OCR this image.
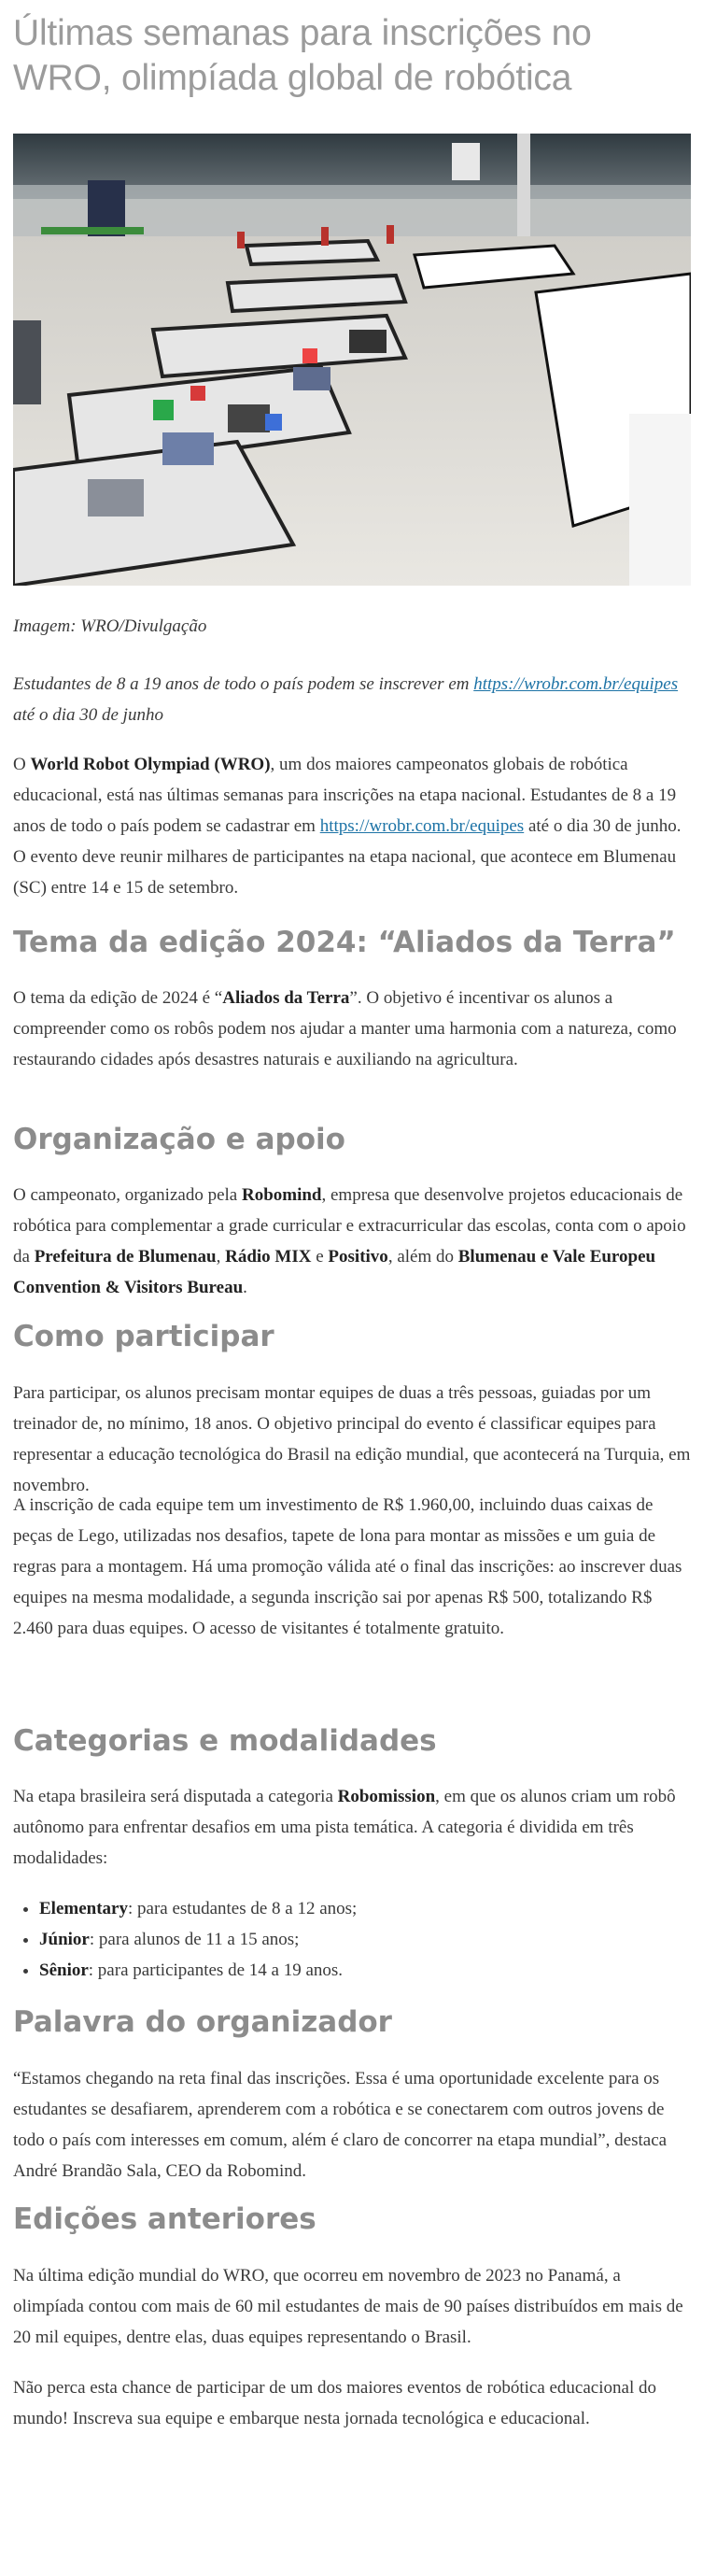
Últimas semanas para inscrições no WRO, olimpíada global de robótica

Imagem: WRO/Divulgação

Estudantes de 8 a 19 anos de todo o país podem se inscrever em https://wrobr.com.br/equipes até o dia 30 de junho

O World Robot Olympiad (WRO), um dos maiores campeonatos globais de robótica educacional, está nas últimas semanas para inscrições na etapa nacional. Estudantes de 8 a 19 anos de todo o país podem se cadastrar em https://wrobr.com.br/equipes até o dia 30 de junho. O evento deve reunir milhares de participantes na etapa nacional, que acontece em Blumenau (SC) entre 14 e 15 de setembro.

Tema da edição 2024: “Aliados da Terra”

O tema da edição de 2024 é “Aliados da Terra”. O objetivo é incentivar os alunos a compreender como os robôs podem nos ajudar a manter uma harmonia com a natureza, como restaurando cidades após desastres naturais e auxiliando na agricultura.

Organização e apoio

O campeonato, organizado pela Robomind, empresa que desenvolve projetos educacionais de robótica para complementar a grade curricular e extracurricular das escolas, conta com o apoio da Prefeitura de Blumenau, Rádio MIX e Positivo, além do Blumenau e Vale Europeu Convention & Visitors Bureau.

Como participar

Para participar, os alunos precisam montar equipes de duas a três pessoas, guiadas por um treinador de, no mínimo, 18 anos. O objetivo principal do evento é classificar equipes para representar a educação tecnológica do Brasil na edição mundial, que acontecerá na Turquia, em novembro.

A inscrição de cada equipe tem um investimento de R$ 1.960,00, incluindo duas caixas de peças de Lego, utilizadas nos desafios, tapete de lona para montar as missões e um guia de regras para a montagem. Há uma promoção válida até o final das inscrições: ao inscrever duas equipes na mesma modalidade, a segunda inscrição sai por apenas R$ 500, totalizando R$ 2.460 para duas equipes. O acesso de visitantes é totalmente gratuito.

Categorias e modalidades

Na etapa brasileira será disputada a categoria Robomission, em que os alunos criam um robô autônomo para enfrentar desafios em uma pista temática. A categoria é dividida em três modalidades:

• Elementary: para estudantes de 8 a 12 anos;
• Júnior: para alunos de 11 a 15 anos;
• Sênior: para participantes de 14 a 19 anos.
Palavra do organizador

“Estamos chegando na reta final das inscrições. Essa é uma oportunidade excelente para os estudantes se desafiarem, aprenderem com a robótica e se conectarem com outros jovens de todo o país com interesses em comum, além é claro de concorrer na etapa mundial”, destaca André Brandão Sala, CEO da Robomind.

Edições anteriores

Na última edição mundial do WRO, que ocorreu em novembro de 2023 no Panamá, a olimpíada contou com mais de 60 mil estudantes de mais de 90 países distribuídos em mais de 20 mil equipes, dentre elas, duas equipes representando o Brasil.

Não perca esta chance de participar de um dos maiores eventos de robótica educacional do mundo! Inscreva sua equipe e embarque nesta jornada tecnológica e educacional.
